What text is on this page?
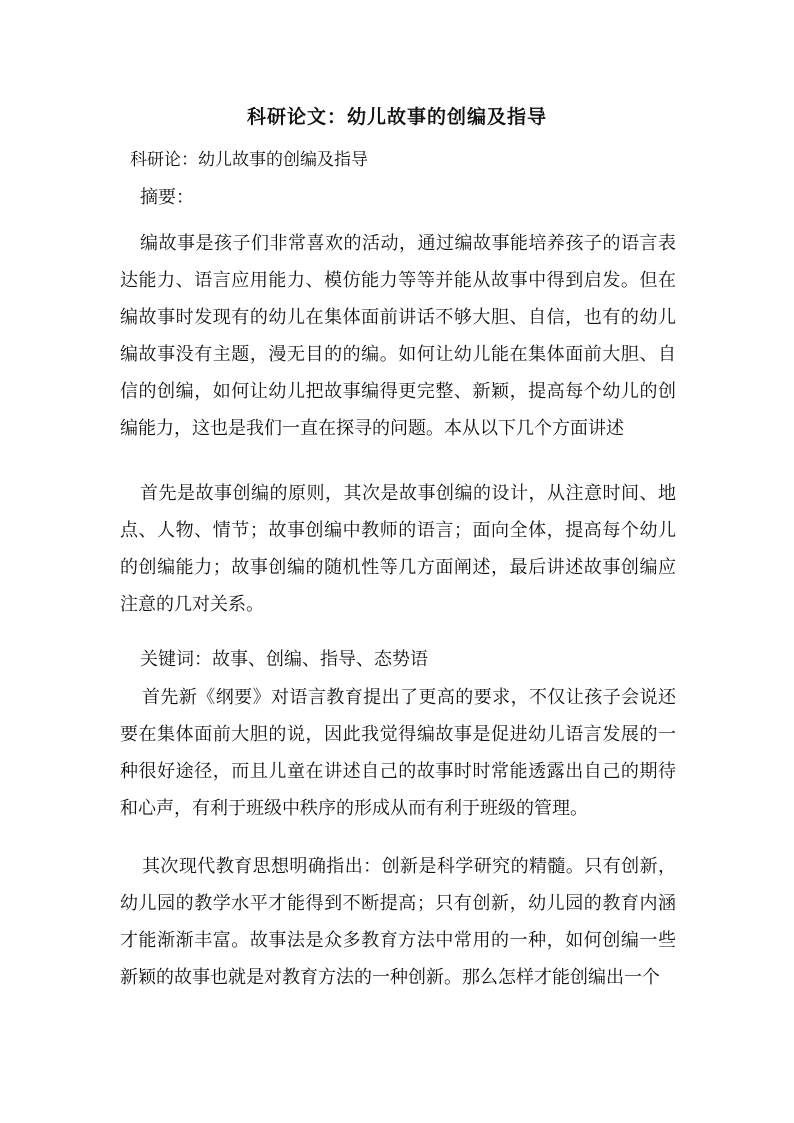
科研论文：幼儿故事的创编及指导

科研论：幼儿故事的创编及指导

摘要：

编故事是孩子们非常喜欢的活动，通过编故事能培养孩子的语言表达能力、语言应用能力、模仿能力等等并能从故事中得到启发。但在编故事时发现有的幼儿在集体面前讲话不够大胆、自信，也有的幼儿编故事没有主题，漫无目的的编。如何让幼儿能在集体面前大胆、自信的创编，如何让幼儿把故事编得更完整、新颖，提高每个幼儿的创编能力，这也是我们一直在探寻的问题。本从以下几个方面讲述

首先是故事创编的原则，其次是故事创编的设计，从注意时间、地点、人物、情节；故事创编中教师的语言；面向全体，提高每个幼儿的创编能力；故事创编的随机性等几方面阐述，最后讲述故事创编应注意的几对关系。

关键词：故事、创编、指导、态势语

首先新《纲要》对语言教育提出了更高的要求，不仅让孩子会说还要在集体面前大胆的说，因此我觉得编故事是促进幼儿语言发展的一种很好途径，而且儿童在讲述自己的故事时时常能透露出自己的期待和心声，有利于班级中秩序的形成从而有利于班级的管理。

其次现代教育思想明确指出：创新是科学研究的精髓。只有创新，幼儿园的教学水平才能得到不断提高；只有创新，幼儿园的教育内涵才能渐渐丰富。故事法是众多教育方法中常用的一种，如何创编一些新颖的故事也就是对教育方法的一种创新。那么怎样才能创编出一个
